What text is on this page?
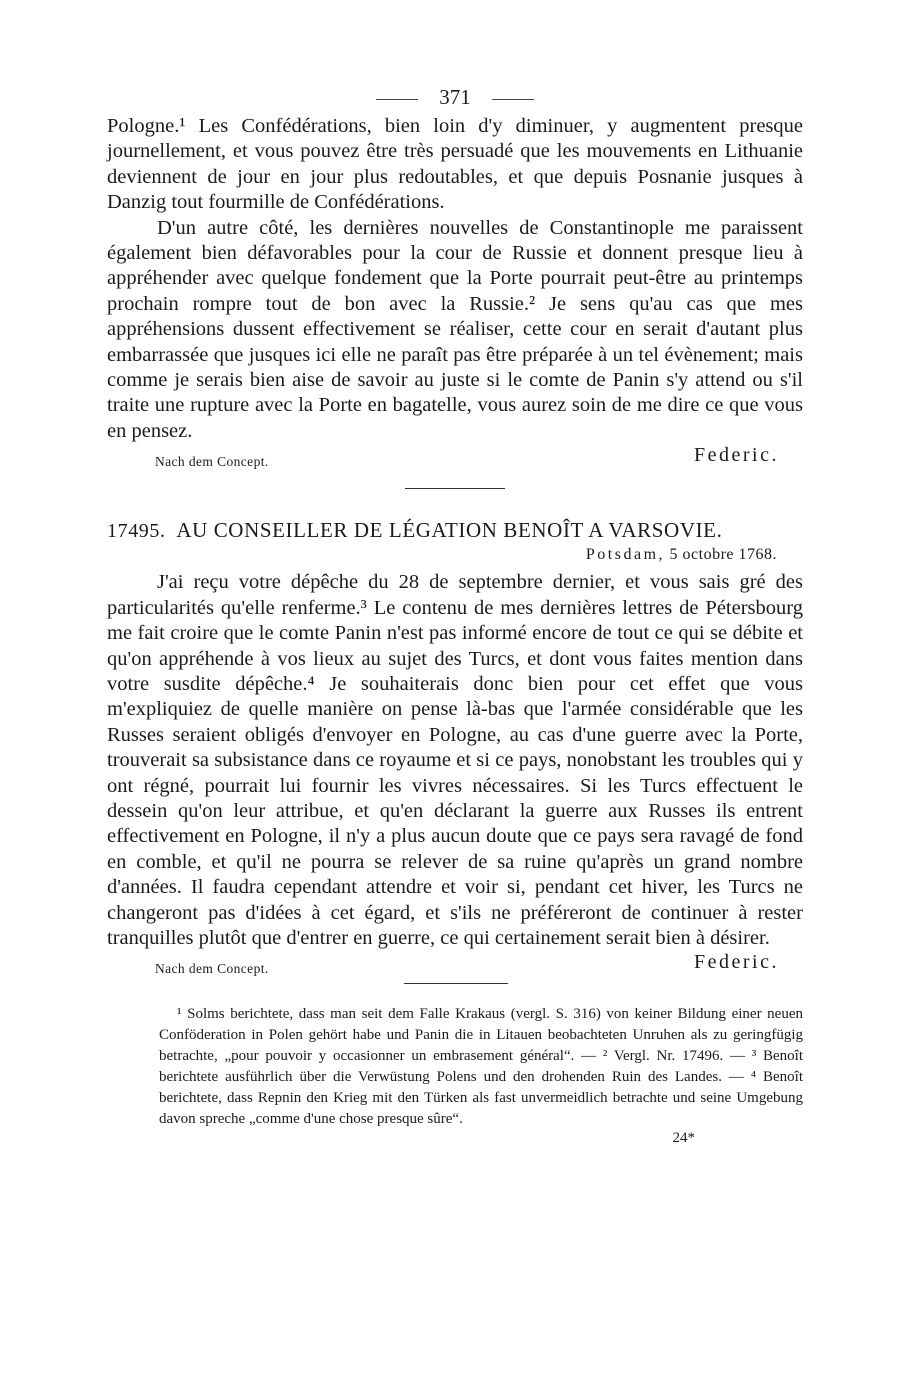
371

Pologne.¹ Les Confédérations, bien loin d'y diminuer, y augmentent presque journellement, et vous pouvez être très persuadé que les mouvements en Lithuanie deviennent de jour en jour plus redoutables, et que depuis Posnanie jusques à Danzig tout fourmille de Confédérations.

D'un autre côté, les dernières nouvelles de Constantinople me paraissent également bien défavorables pour la cour de Russie et donnent presque lieu à appréhender avec quelque fondement que la Porte pourrait peut-être au printemps prochain rompre tout de bon avec la Russie.² Je sens qu'au cas que mes appréhensions dussent effectivement se réaliser, cette cour en serait d'autant plus embarrassée que jusques ici elle ne paraît pas être préparée à un tel évènement; mais comme je serais bien aise de savoir au juste si le comte de Panin s'y attend ou s'il traite une rupture avec la Porte en bagatelle, vous aurez soin de me dire ce que vous en pensez.

Nach dem Concept.	Federic.
17495. AU CONSEILLER DE LÉGATION BENOÎT A VARSOVIE.
Potsdam, 5 octobre 1768.

J'ai reçu votre dépêche du 28 de septembre dernier, et vous sais gré des particularités qu'elle renferme.³ Le contenu de mes dernières lettres de Pétersbourg me fait croire que le comte Panin n'est pas informé encore de tout ce qui se débite et qu'on appréhende à vos lieux au sujet des Turcs, et dont vous faites mention dans votre susdite dépêche.⁴ Je souhaiterais donc bien pour cet effet que vous m'expliquiez de quelle manière on pense là-bas que l'armée considérable que les Russes seraient obligés d'envoyer en Pologne, au cas d'une guerre avec la Porte, trouverait sa subsistance dans ce royaume et si ce pays, nonobstant les troubles qui y ont régné, pourrait lui fournir les vivres nécessaires. Si les Turcs effectuent le dessein qu'on leur attribue, et qu'en déclarant la guerre aux Russes ils entrent effectivement en Pologne, il n'y a plus aucun doute que ce pays sera ravagé de fond en comble, et qu'il ne pourra se relever de sa ruine qu'après un grand nombre d'années. Il faudra cependant attendre et voir si, pendant cet hiver, les Turcs ne changeront pas d'idées à cet égard, et s'ils ne préféreront de continuer à rester tranquilles plutôt que d'entrer en guerre, ce qui certainement serait bien à désirer.

Nach dem Concept.	Federic.

¹ Solms berichtete, dass man seit dem Falle Krakaus (vergl. S. 316) von keiner Bildung einer neuen Conföderation in Polen gehört habe und Panin die in Litauen beobachteten Unruhen als zu geringfügig betrachte, „pour pouvoir y occasionner un embrasement général“. — ² Vergl. Nr. 17496. — ³ Benoît berichtete ausführlich über die Verwüstung Polens und den drohenden Ruin des Landes. — ⁴ Benoît berichtete, dass Repnin den Krieg mit den Türken als fast unvermeidlich betrachte und seine Umgebung davon spreche „comme d'une chose presque sûre“.

24*
